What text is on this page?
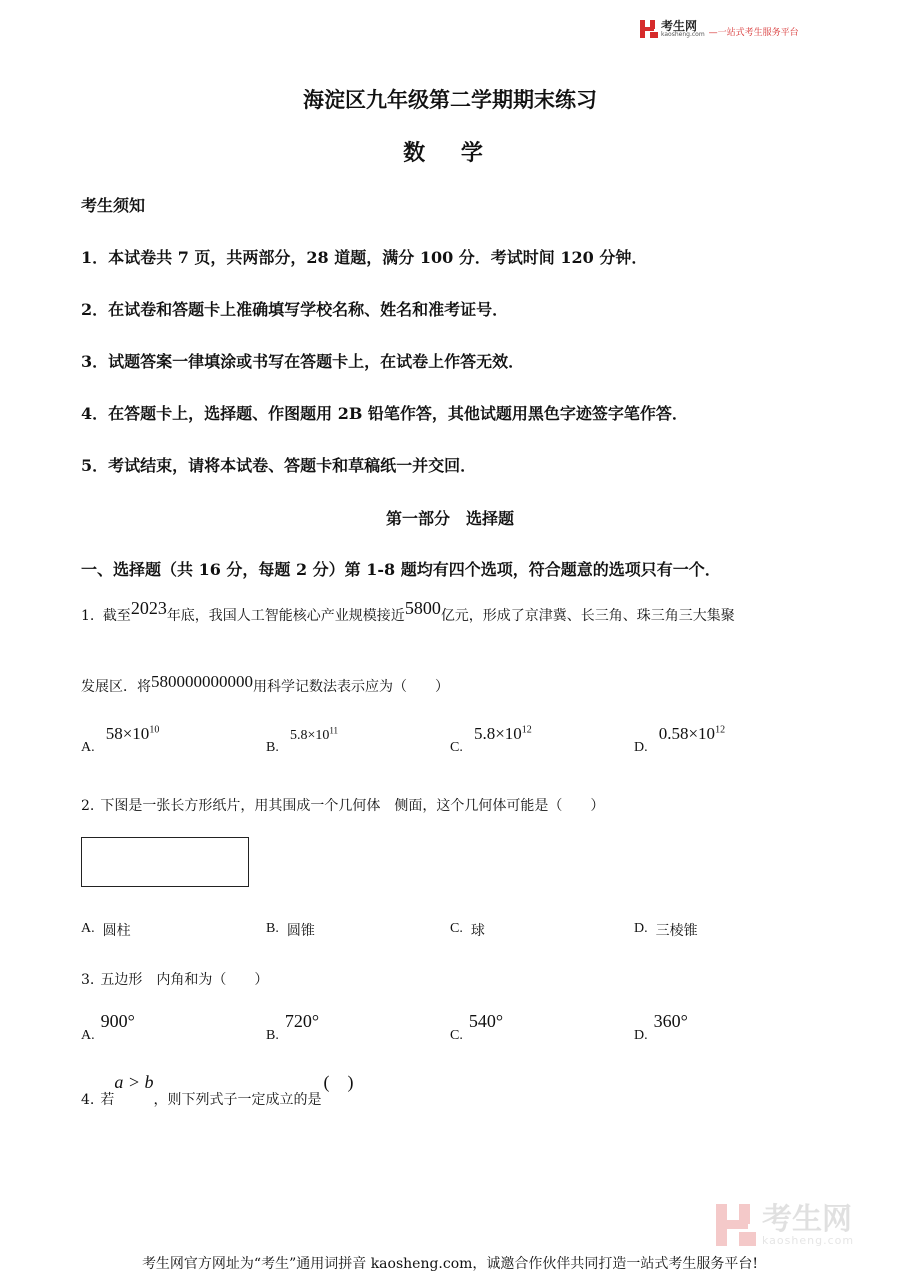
考生网
kaosheng.com —一站式考生服务平台
海淀区九年级第二学期期末练习
数 学
考生须知
1．本试卷共 7 页，共两部分，28 道题，满分 100 分．考试时间 120 分钟．
2．在试卷和答题卡上准确填写学校名称、姓名和准考证号．
3．试题答案一律填涂或书写在答题卡上，在试卷上作答无效．
4．在答题卡上，选择题、作图题用 2B 铅笔作答，其他试题用黑色字迹签字笔作答．
5．考试结束，请将本试卷、答题卡和草稿纸一并交回．
第一部分　选择题
一、选择题（共 16 分，每题 2 分）第 1-8 题均有四个选项，符合题意的选项只有一个．
1. 截至2023年底，我国人工智能核心产业规模接近5800亿元，形成了京津冀、长三角、珠三角三大集聚
发展区．将580000000000用科学记数法表示应为（　　）
A. $58\times 10^{10}$
B. $5.8\times 10^{11}$
C. $5.8\times 10^{12}$
D. $0.58\times 10^{12}$
2. 下图是一张长方形纸片，用其围成一个几何体　侧面，这个几何体可能是（　　）
A. 圆柱	B. 圆锥	C. 球	D. 三棱锥
3. 五边形　内角和为（　　）
A.900°
B.720°
C.540°
D.360°
4. 若a > b，则下列式子一定成立的是(　)
考生网
kaosheng.com
考生网官方网址为“考生”通用词拼音 kaosheng.com，诚邀合作伙伴共同打造一站式考生服务平台!
